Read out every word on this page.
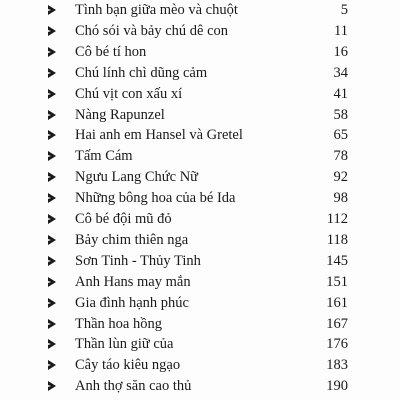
Tình bạn giữa mèo và chuột	5
Chó sói và bảy chú dê con	11
Cô bé tí hon	16
Chú lính chì dũng cảm	34
Chú vịt con xấu xí	41
Nàng Rapunzel	58
Hai anh em Hansel và Gretel	65
Tấm Cám	78
Ngưu Lang Chức Nữ	92
Những bông hoa của bé Ida	98
Cô bé đội mũ đỏ	112
Bảy chim thiên nga	118
Sơn Tinh - Thủy Tinh	145
Anh Hans may mắn	151
Gia đình hạnh phúc	161
Thần hoa hồng	167
Thần lùn giữ của	176
Cây táo kiêu ngạo	183
Anh thợ săn cao thủ	190
